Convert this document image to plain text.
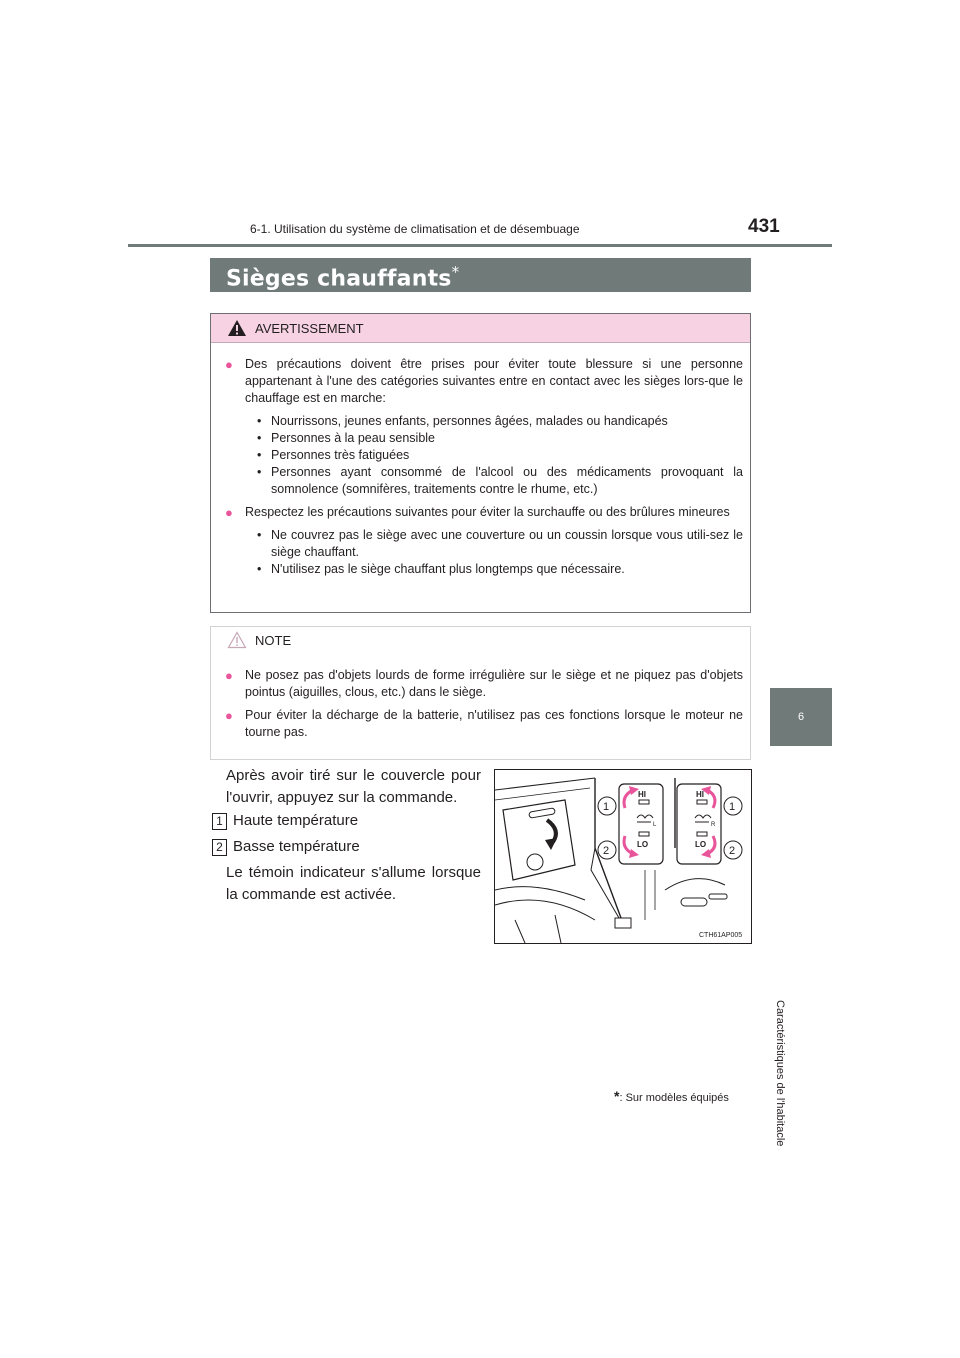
6-1. Utilisation du système de climatisation et de désembuage	431
6
Caractéristiques de l'habitacle
Sièges chauffants*
AVERTISSEMENT
● Des précautions doivent être prises pour éviter toute blessure si une personne appartenant à l'une des catégories suivantes entre en contact avec les sièges lors-que le chauffage est en marche:
• Nourrissons, jeunes enfants, personnes âgées, malades ou handicapés
• Personnes à la peau sensible
• Personnes très fatiguées
• Personnes ayant consommé de l'alcool ou des médicaments provoquant la somnolence (somnifères, traitements contre le rhume, etc.)
● Respectez les précautions suivantes pour éviter la surchauffe ou des brûlures mineures
• Ne couvrez pas le siège avec une couverture ou un coussin lorsque vous utili-sez le siège chauffant.
• N'utilisez pas le siège chauffant plus longtemps que nécessaire.
NOTE
● Ne posez pas d'objets lourds de forme irrégulière sur le siège et ne piquez pas d'objets pointus (aiguilles, clous, etc.) dans le siège.
● Pour éviter la décharge de la batterie, n'utilisez pas ces fonctions lorsque le moteur ne tourne pas.
Après avoir tiré sur le couvercle pour l'ouvrir, appuyez sur la commande.
1 Haute température
2 Basse température
Le témoin indicateur s'allume lorsque la commande est activée.
HI	HI
LO	LO
L	R
1	1
2	2
CTH61AP005
*: Sur modèles équipés
